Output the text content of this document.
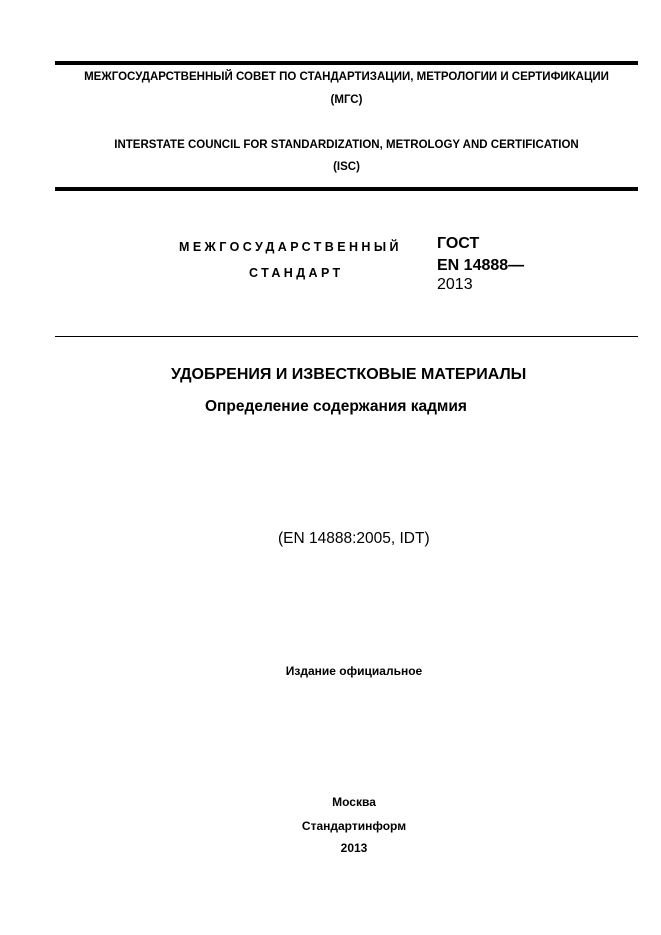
МЕЖГОСУДАРСТВЕННЫЙ СОВЕТ ПО СТАНДАРТИЗАЦИИ, МЕТРОЛОГИИ И СЕРТИФИКАЦИИ
(МГС)
INTERSTATE COUNCIL FOR STANDARDIZATION, METROLOGY AND CERTIFICATION
(ISC)
МЕЖГОСУДАРСТВЕННЫЙ
СТАНДАРТ
ГОСТ
EN 14888—
2013
УДОБРЕНИЯ И ИЗВЕСТКОВЫЕ МАТЕРИАЛЫ
Определение содержания кадмия
(EN 14888:2005, IDT)
Издание официальное
Москва
Стандартинформ
2013
